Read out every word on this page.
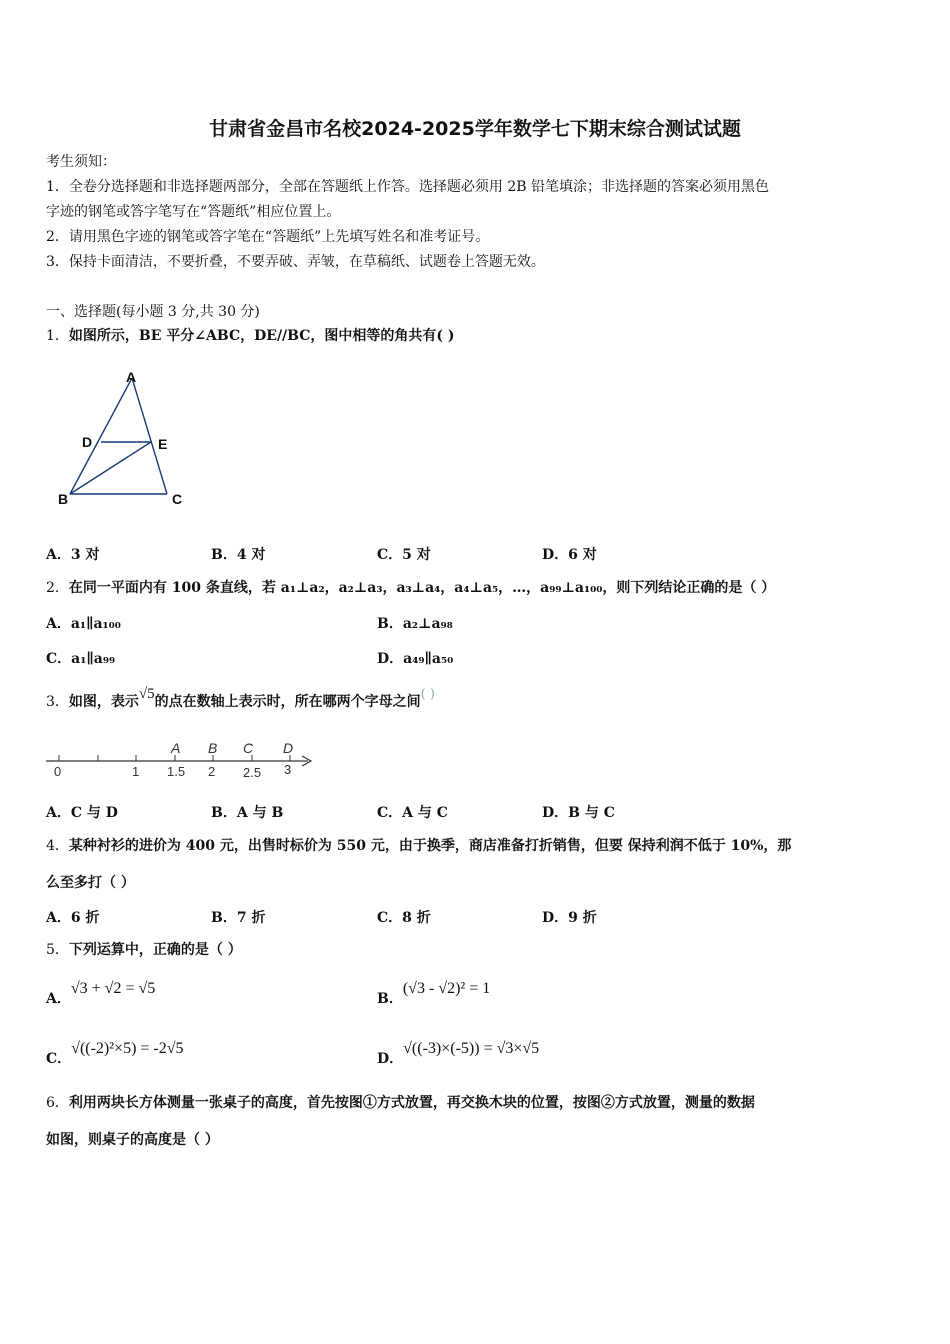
甘肃省金昌市名校2024-2025学年数学七下期末综合测试试题
考生须知：
1．全卷分选择题和非选择题两部分，全部在答题纸上作答。选择题必须用 2B 铅笔填涂；非选择题的答案必须用黑色
字迹的钢笔或答字笔写在“答题纸”相应位置上。
2．请用黑色字迹的钢笔或答字笔在“答题纸”上先填写姓名和准考证号。
3．保持卡面清洁，不要折叠，不要弄破、弄皱，在草稿纸、试题卷上答题无效。
一、选择题(每小题 3 分,共 30 分)
1．如图所示，BE 平分∠ABC，DE//BC，图中相等的角共有( )
A
B	C
D	E
A．3 对	B．4 对	C．5 对	D．6 对
2．在同一平面内有 100 条直线，若 a₁⊥a₂，a₂⊥a₃，a₃⊥a₄，a₄⊥a₅，…，a₉₉⊥a₁₀₀，则下列结论正确的是（ ）
A．a₁∥a₁₀₀	B．a₂⊥a₉₈
C．a₁∥a₉₉	D．a₄₉∥a₅₀
3．如图，表示√5的点在数轴上表示时，所在哪两个字母之间( )
A B C D
0	1 1.5 2 2.5 3
A．C 与 D	B．A 与 B	C．A 与 C	D．B 与 C
4．某种衬衫的进价为 400 元，出售时标价为 550 元，由于换季，商店准备打折销售，但要 保持利润不低于 10%，那
么至多打（ ）
A．6 折	B．7 折	C．8 折	D．9 折
5．下列运算中，正确的是（ ）
A．√3 + √2 = √5
B．(√3 - √2)² = 1
C．√((-2)²×5) = -2√5
D．√((-3)×(-5)) = √3×√5
6．利用两块长方体测量一张桌子的高度，首先按图①方式放置，再交换木块的位置，按图②方式放置，测量的数据
如图，则桌子的高度是（ ）
